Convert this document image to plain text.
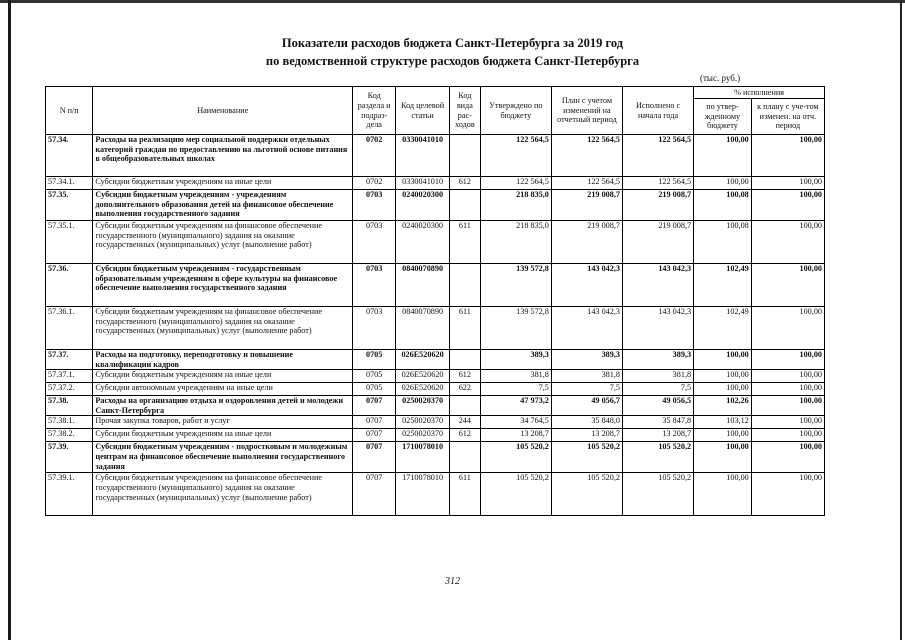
Показатели расходов бюджета Санкт-Петербурга за 2019 год
по ведомственной структуре расходов бюджета Санкт-Петербурга
(тыс. руб.)
N п/п	Наименование	Код раздела и подраз-дела	Код целевой статьи	Код вида рас-ходов	Утверждено по бюджету	План с учетом изменений на отчетный период	Исполнено с начала года	% исполнения	
								по утвер-жденному бюджету	к плану с уче-том изменен. на отч. период
57.34.	Расходы на реализацию мер социальной поддержки отдельных категорий граждан по предоставлению на льготной основе питания в общеобразовательных школах	0702	0330041010		122 564,5	122 564,5	122 564,5	100,00	100,00
57.34.1.	Субсидии бюджетным учреждениям на иные цели	0702	0330041010	612	122 564,5	122 564,5	122 564,5	100,00	100,00
57.35.	Субсидии бюджетным учреждениям - учреждениям дополнительного образования детей на финансовое обеспечение выполнения государственного задания	0703	0240020300		218 835,0	219 008,7	219 008,7	100,08	100,00
57.35.1.	Субсидии бюджетным учреждениям на финансовое обеспечение государственного (муниципального) задания на оказание государственных (муниципальных) услуг (выполнение работ)	0703	0240020300	611	218 835,0	219 008,7	219 008,7	100,08	100,00
57.36.	Субсидии бюджетным учреждениям - государственным образовательным учреждениям в сфере культуры на финансовое обеспечение выполнения государственного задания	0703	0840070890		139 572,8	143 042,3	143 042,3	102,49	100,00
57.36.1.	Субсидии бюджетным учреждениям на финансовое обеспечение государственного (муниципального) задания на оказание государственных (муниципальных) услуг (выполнение работ)	0703	0840070890	611	139 572,8	143 042,3	143 042,3	102,49	100,00
57.37.	Расходы на подготовку, переподготовку и повышение квалификации кадров	0705	026E520620		389,3	389,3	389,3	100,00	100,00
57.37.1.	Субсидии бюджетным учреждениям на иные цели	0705	026E520620	612	381,8	381,8	381,8	100,00	100,00
57.37.2.	Субсидии автономным учреждениям на иные цели	0705	026E520620	622	7,5	7,5	7,5	100,00	100,00
57.38.	Расходы на организацию отдыха и оздоровления детей и молодежи Санкт-Петербурга	0707	0250020370		47 973,2	49 056,7	49 056,5	102,26	100,00
57.38.1.	Прочая закупка товаров, работ и услуг	0707	0250020370	244	34 764,5	35 848,0	35 847,8	103,12	100,00
57.38.2.	Субсидии бюджетным учреждениям на иные цели	0707	0250020370	612	13 208,7	13 208,7	13 208,7	100,00	100,00
57.39.	Субсидии бюджетным учреждениям - подростковым и молодежным центрам на финансовое обеспечение выполнения государственного задания	0707	1710078010		105 520,2	105 520,2	105 520,2	100,00	100,00
57.39.1.	Субсидии бюджетным учреждениям на финансовое обеспечение государственного (муниципального) задания на оказание государственных (муниципальных) услуг (выполнение работ)	0707	1710078010	611	105 520,2	105 520,2	105 520,2	100,00	100,00
312
